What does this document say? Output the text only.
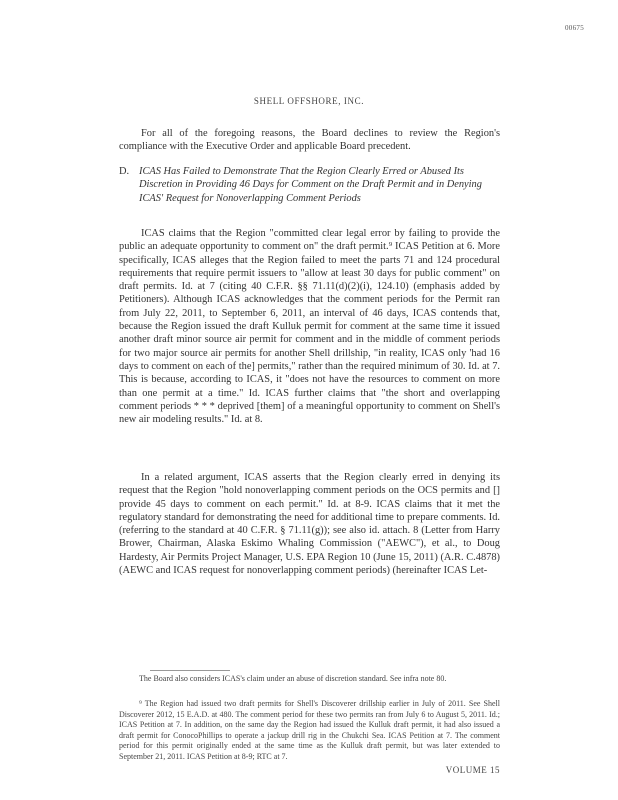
00675
SHELL OFFSHORE, INC.

For all of the foregoing reasons, the Board declines to review the Region's compliance with the Executive Order and applicable Board precedent.

D. ICAS Has Failed to Demonstrate That the Region Clearly Erred or Abused Its Discretion in Providing 46 Days for Comment on the Draft Permit and in Denying ICAS' Request for Nonoverlapping Comment Periods

ICAS claims that the Region "committed clear legal error by failing to provide the public an adequate opportunity to comment on" the draft permit.⁹ ICAS Petition at 6. More specifically, ICAS alleges that the Region failed to meet the parts 71 and 124 procedural requirements that require permit issuers to "allow at least 30 days for public comment" on draft permits. Id. at 7 (citing 40 C.F.R. §§ 71.11(d)(2)(i), 124.10) (emphasis added by Petitioners). Although ICAS acknowledges that the comment periods for the Permit ran from July 22, 2011, to September 6, 2011, an interval of 46 days, ICAS contends that, because the Region issued the draft Kulluk permit for comment at the same time it issued another draft minor source air permit for comment and in the middle of comment periods for two major source air permits for another Shell drillship, "in reality, ICAS only 'had 16 days to comment on each of the] permits," rather than the required minimum of 30. Id. at 7. This is because, according to ICAS, it "does not have the resources to comment on more than one permit at a time." Id. ICAS further claims that "the short and overlapping comment periods * * * deprived [them] of a meaningful opportunity to comment on Shell's new air modeling results." Id. at 8.

In a related argument, ICAS asserts that the Region clearly erred in denying its request that the Region "hold nonoverlapping comment periods on the OCS permits and [] provide 45 days to comment on each permit." Id. at 8-9. ICAS claims that it met the regulatory standard for demonstrating the need for additional time to prepare comments. Id. (referring to the standard at 40 C.F.R. § 71.11(g)); see also id. attach. 8 (Letter from Harry Brower, Chairman, Alaska Eskimo Whaling Commission ("AEWC"), et al., to Doug Hardesty, Air Permits Project Manager, U.S. EPA Region 10 (June 15, 2011) (A.R. C.4878) (AEWC and ICAS request for nonoverlapping comment periods) (hereinafter ICAS Let-

The Board also considers ICAS's claim under an abuse of discretion standard. See infra note 80.

⁹ The Region had issued two draft permits for Shell's Discoverer drillship earlier in July of 2011. See Shell Discoverer 2012, 15 E.A.D. at 480. The comment period for these two permits ran from July 6 to August 5, 2011. Id.; ICAS Petition at 7. In addition, on the same day the Region had issued the Kulluk draft permit, it had also issued a draft permit for ConocoPhillips to operate a jackup drill rig in the Chukchi Sea. ICAS Petition at 7. The comment period for this permit originally ended at the same time as the Kulluk draft permit, but was later extended to September 21, 2011. ICAS Petition at 8-9; RTC at 7.

VOLUME 15
